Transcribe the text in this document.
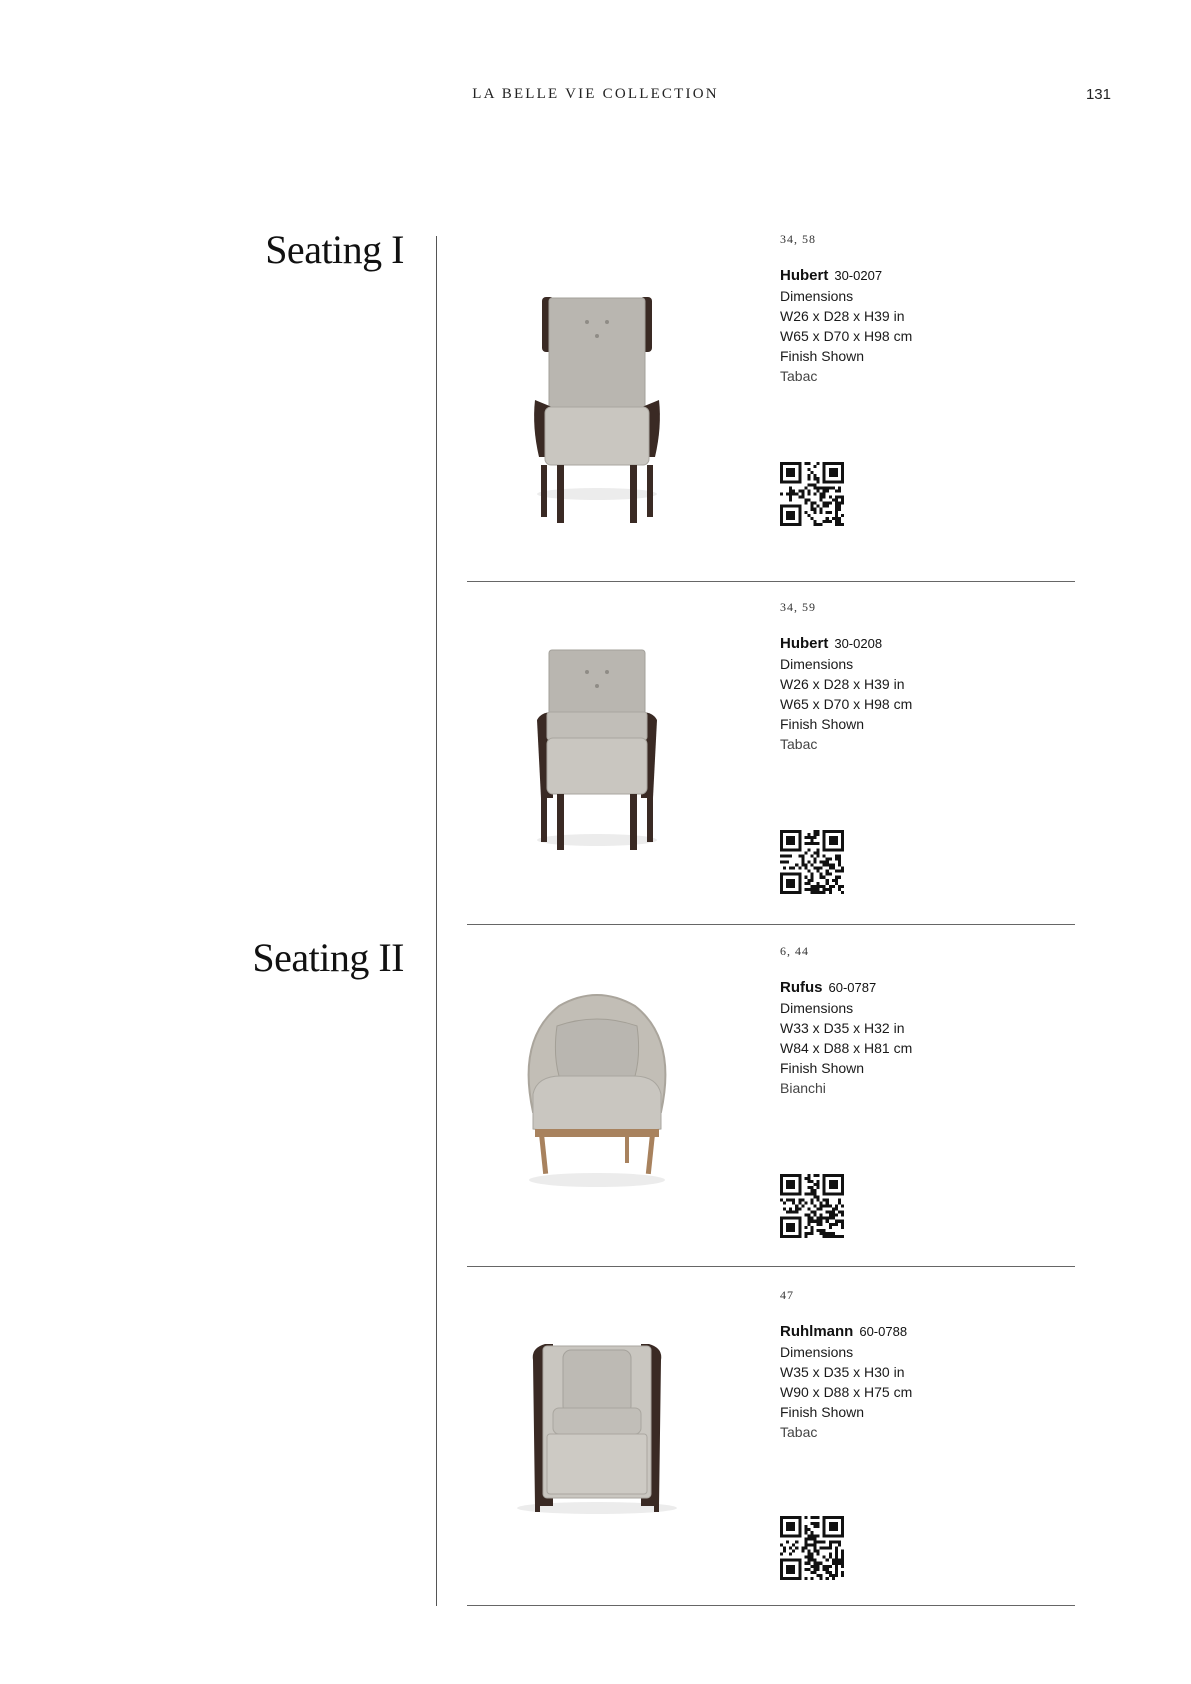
LA BELLE VIE COLLECTION	131
Seating I
Seating II
34, 58
Hubert 30-0207
Dimensions
W26 x D28 x H39 in
W65 x D70 x H98 cm
Finish Shown
Tabac
34, 59
Hubert 30-0208
Dimensions
W26 x D28 x H39 in
W65 x D70 x H98 cm
Finish Shown
Tabac
6, 44
Rufus 60-0787
Dimensions
W33 x D35 x H32 in
W84 x D88 x H81 cm
Finish Shown
Bianchi
47
Ruhlmann 60-0788
Dimensions
W35 x D35 x H30 in
W90 x D88 x H75 cm
Finish Shown
Tabac
